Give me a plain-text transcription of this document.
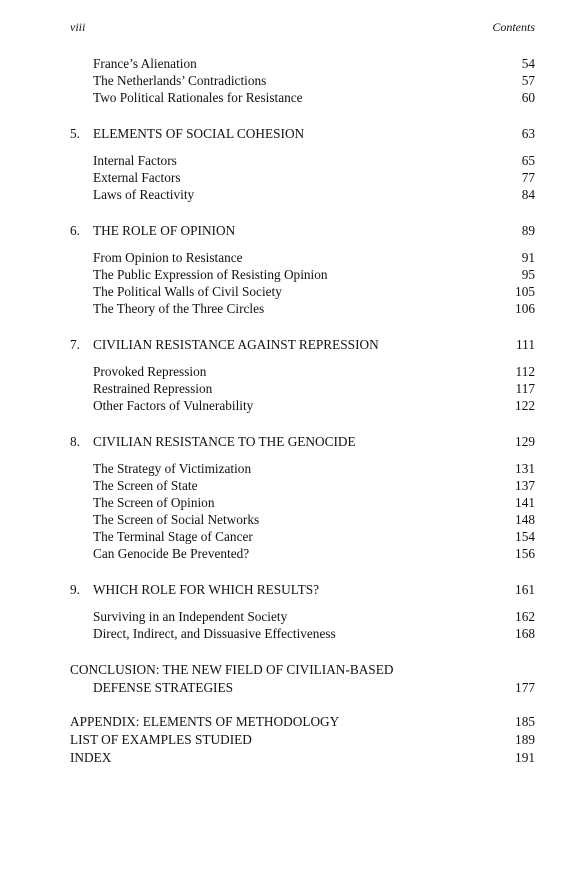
viii	Contents
France’s Alienation	54
The Netherlands’ Contradictions	57
Two Political Rationales for Resistance	60
5. ELEMENTS OF SOCIAL COHESION	63
Internal Factors	65
External Factors	77
Laws of Reactivity	84
6. THE ROLE OF OPINION	89
From Opinion to Resistance	91
The Public Expression of Resisting Opinion	95
The Political Walls of Civil Society	105
The Theory of the Three Circles	106
7. CIVILIAN RESISTANCE AGAINST REPRESSION	111
Provoked Repression	112
Restrained Repression	117
Other Factors of Vulnerability	122
8. CIVILIAN RESISTANCE TO THE GENOCIDE	129
The Strategy of Victimization	131
The Screen of State	137
The Screen of Opinion	141
The Screen of Social Networks	148
The Terminal Stage of Cancer	154
Can Genocide Be Prevented?	156
9. WHICH ROLE FOR WHICH RESULTS?	161
Surviving in an Independent Society	162
Direct, Indirect, and Dissuasive Effectiveness	168
CONCLUSION: THE NEW FIELD OF CIVILIAN-BASED
DEFENSE STRATEGIES	177
APPENDIX: ELEMENTS OF METHODOLOGY	185
LIST OF EXAMPLES STUDIED	189
INDEX	191
